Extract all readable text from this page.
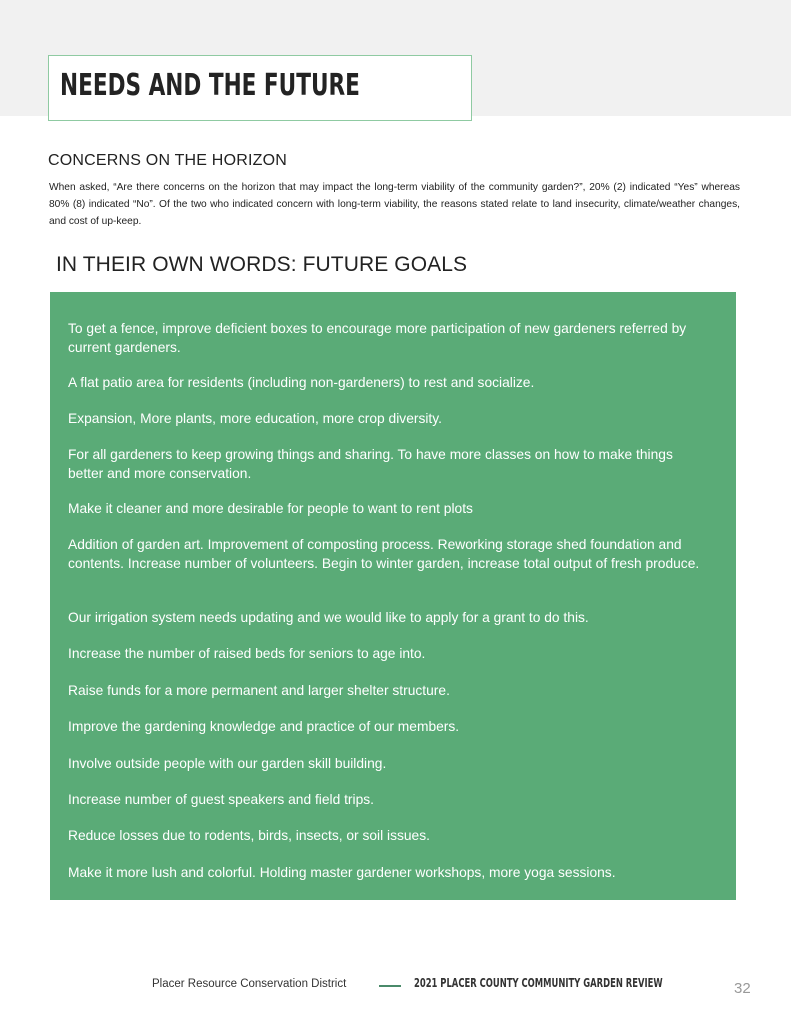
NEEDS AND THE FUTURE
CONCERNS ON THE HORIZON

When asked, “Are there concerns on the horizon that may impact the long-term viability of the community garden?”, 20% (2) indicated “Yes” whereas 80% (8) indicated “No”. Of the two who indicated concern with long-term viability, the reasons stated relate to land insecurity, climate/weather changes, and cost of up-keep.

IN THEIR OWN WORDS: FUTURE GOALS

To get a fence, improve deficient boxes to encourage more participation of new gardeners referred by current gardeners.

A flat patio area for residents (including non-gardeners) to rest and socialize.

Expansion, More plants, more education, more crop diversity.

For all gardeners to keep growing things and sharing. To have more classes on how to make things better and more conservation.

Make it cleaner and more desirable for people to want to rent plots

Addition of garden art. Improvement of composting process. Reworking storage shed foundation and contents. Increase number of volunteers. Begin to winter garden, increase total output of fresh produce.

Our irrigation system needs updating and we would like to apply for a grant to do this.

Increase the number of raised beds for seniors to age into.

Raise funds for a more permanent and larger shelter structure.

Improve the gardening knowledge and practice of our members.

Involve outside people with our garden skill building.

Increase number of guest speakers and field trips.

Reduce losses due to rodents, birds, insects, or soil issues.

Make it more lush and colorful. Holding master gardener workshops, more yoga sessions.

Placer Resource Conservation District	2021 PLACER COUNTY COMMUNITY GARDEN REVIEW	32
